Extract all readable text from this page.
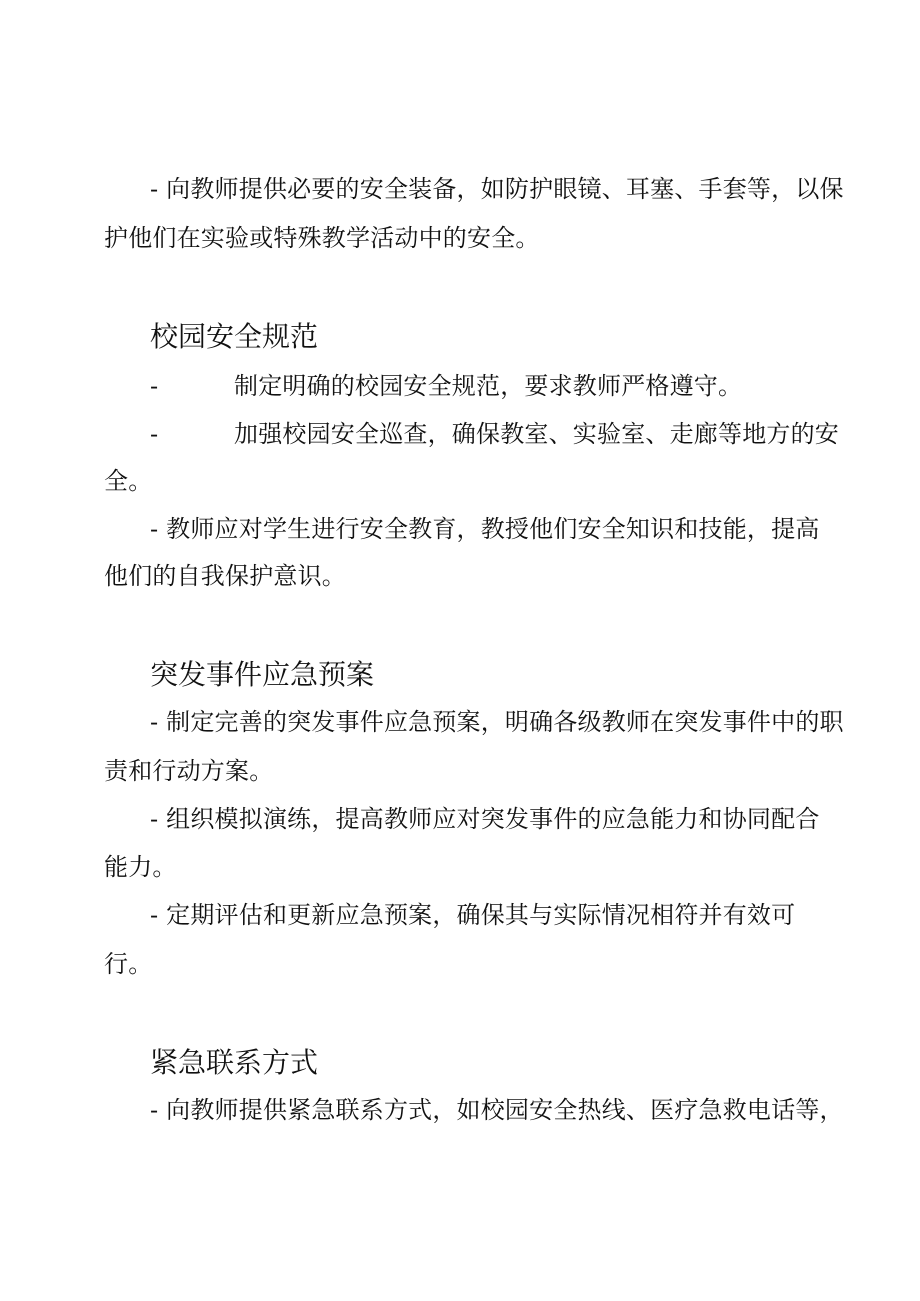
- 向教师提供必要的安全装备，如防护眼镜、耳塞、手套等，以保
护他们在实验或特殊教学活动中的安全。
校园安全规范
-	制定明确的校园安全规范，要求教师严格遵守。
-	加强校园安全巡查，确保教室、实验室、走廊等地方的安
全。
- 教师应对学生进行安全教育，教授他们安全知识和技能，提高
他们的自我保护意识。
突发事件应急预案
- 制定完善的突发事件应急预案，明确各级教师在突发事件中的职
责和行动方案。
- 组织模拟演练，提高教师应对突发事件的应急能力和协同配合
能力。
- 定期评估和更新应急预案，确保其与实际情况相符并有效可
行。
紧急联系方式
- 向教师提供紧急联系方式，如校园安全热线、医疗急救电话等，
